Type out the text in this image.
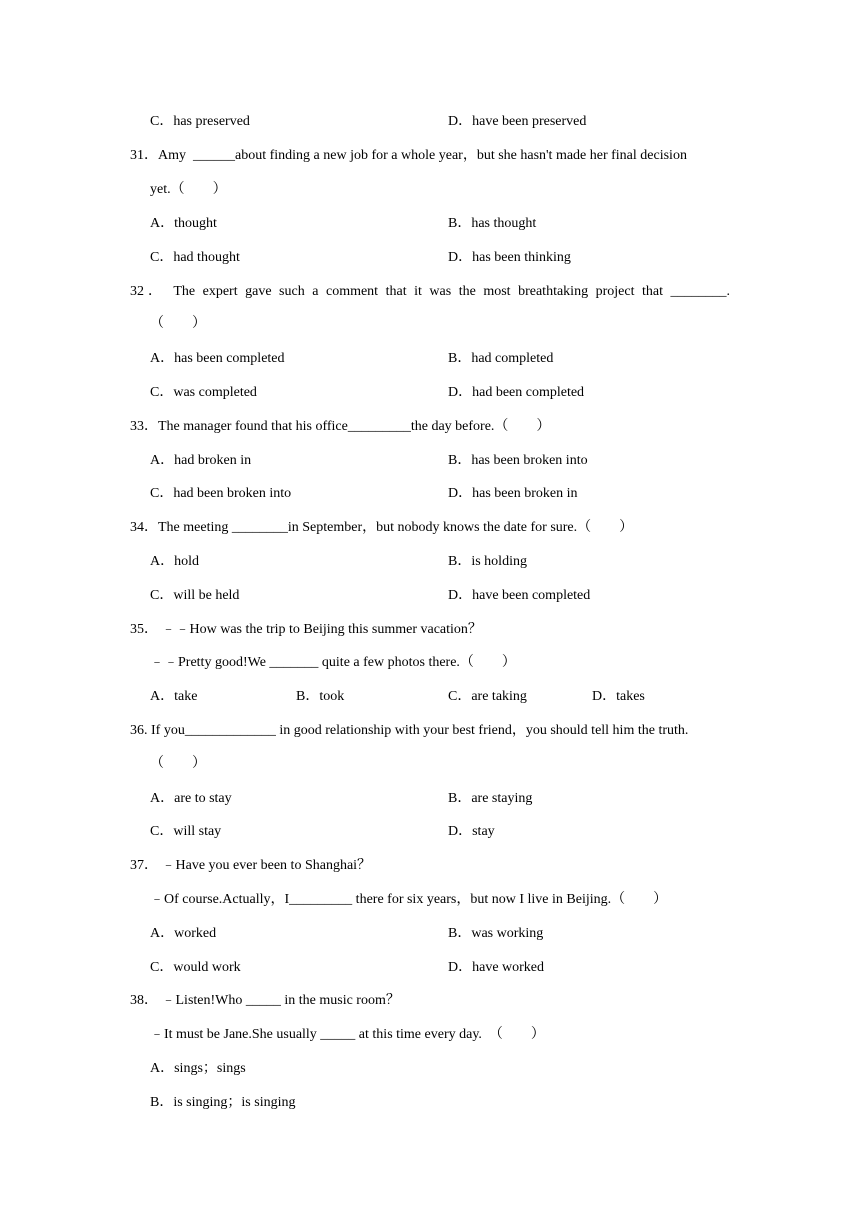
C．has preserved	D．have been preserved
31．Amy  ______about finding a new job for a whole year，but she hasn't made her final decision
yet.（　　）
A．thought	B．has thought
C．had thought	D．has been thinking
32． The expert gave such a comment that it was the most breathtaking project that ________.
（　　）
A．has been completed	B．had completed
C．was completed	D．had been completed
33．The manager found that his office_________the day before.（　　）
A．had broken in	B．has been broken into
C．had been broken into	D．has been broken in
34．The meeting ________in September，but nobody knows the date for sure.（　　）
A．hold	B．is holding
C．will be held	D．have been completed
35． ﹣﹣How was the trip to Beijing this summer vacation？
﹣﹣Pretty good!We _______ quite a few photos there.（　　）
A．take	B．took	C．are taking	D．takes
36. If you_____________ in good relationship with your best friend，you should tell him the truth.
（　　）
A．are to stay	B．are staying
C．will stay	D．stay
37． ﹣Have you ever been to Shanghai？
﹣Of course.Actually，I_________ there for six years，but now I live in Beijing.（　　）
A．worked	B．was working
C．would work	D．have worked
38． ﹣Listen!Who _____ in the music room？
﹣It must be Jane.She usually _____ at this time every day.　（　　）
A．sings；sings
B．is singing；is singing
